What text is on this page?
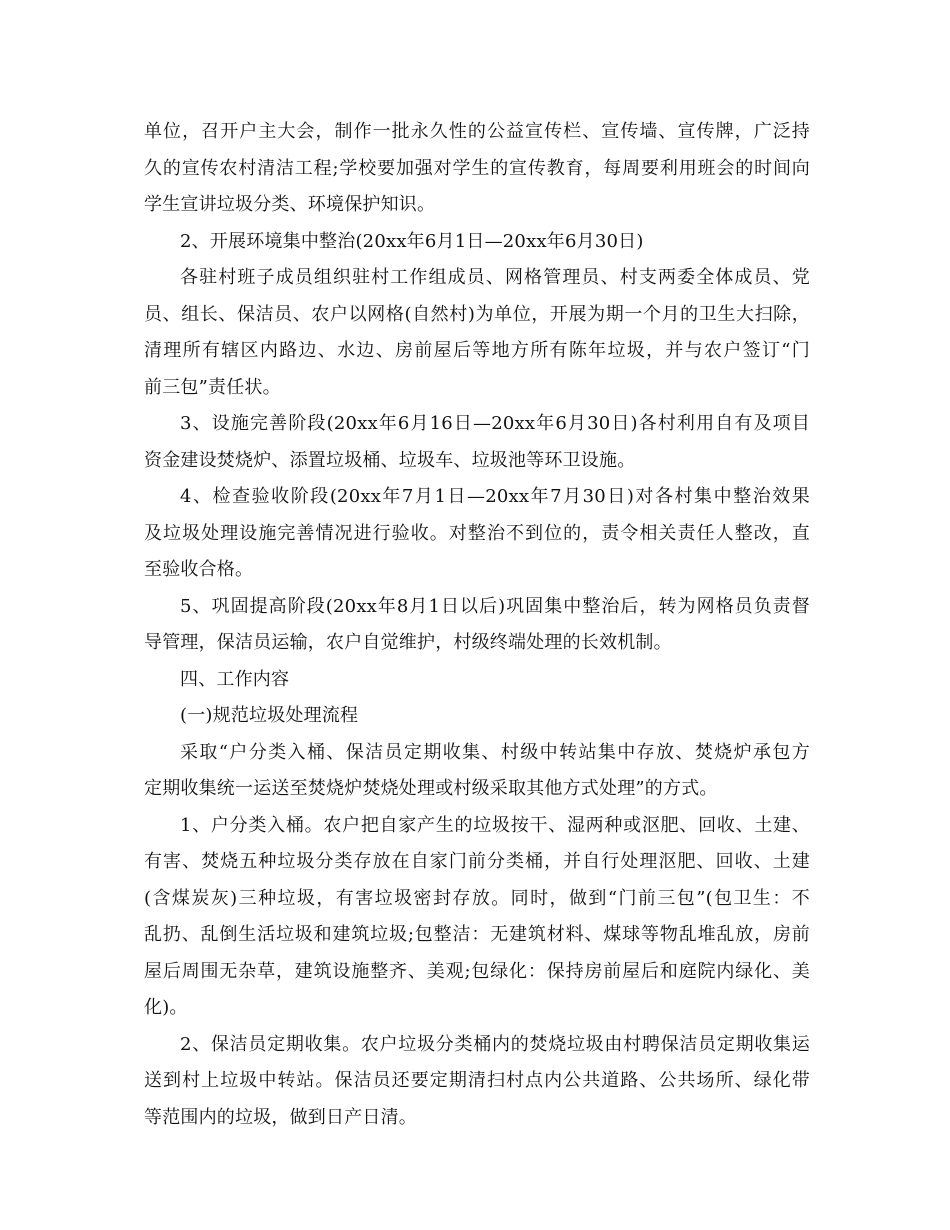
单位，召开户主大会，制作一批永久性的公益宣传栏、宣传墙、宣传牌，广泛持
久的宣传农村清洁工程;学校要加强对学生的宣传教育，每周要利用班会的时间向
学生宣讲垃圾分类、环境保护知识。
2、开展环境集中整治(20xx年6月1日—20xx年6月30日)
各驻村班子成员组织驻村工作组成员、网格管理员、村支两委全体成员、党
员、组长、保洁员、农户以网格(自然村)为单位，开展为期一个月的卫生大扫除，
清理所有辖区内路边、水边、房前屋后等地方所有陈年垃圾，并与农户签订“门
前三包”责任状。
3、设施完善阶段(20xx年6月16日—20xx年6月30日)各村利用自有及项目
资金建设焚烧炉、添置垃圾桶、垃圾车、垃圾池等环卫设施。
4、检查验收阶段(20xx年7月1日—20xx年7月30日)对各村集中整治效果
及垃圾处理设施完善情况进行验收。对整治不到位的，责令相关责任人整改，直
至验收合格。
5、巩固提高阶段(20xx年8月1日以后)巩固集中整治后，转为网格员负责督
导管理，保洁员运输，农户自觉维护，村级终端处理的长效机制。
四、工作内容
(一)规范垃圾处理流程
采取“户分类入桶、保洁员定期收集、村级中转站集中存放、焚烧炉承包方
定期收集统一运送至焚烧炉焚烧处理或村级采取其他方式处理”的方式。
1、户分类入桶。农户把自家产生的垃圾按干、湿两种或沤肥、回收、土建、
有害、焚烧五种垃圾分类存放在自家门前分类桶，并自行处理沤肥、回收、土建
(含煤炭灰)三种垃圾，有害垃圾密封存放。同时，做到“门前三包”(包卫生：不
乱扔、乱倒生活垃圾和建筑垃圾;包整洁：无建筑材料、煤球等物乱堆乱放，房前
屋后周围无杂草，建筑设施整齐、美观;包绿化：保持房前屋后和庭院内绿化、美
化)。
2、保洁员定期收集。农户垃圾分类桶内的焚烧垃圾由村聘保洁员定期收集运
送到村上垃圾中转站。保洁员还要定期清扫村点内公共道路、公共场所、绿化带
等范围内的垃圾，做到日产日清。
